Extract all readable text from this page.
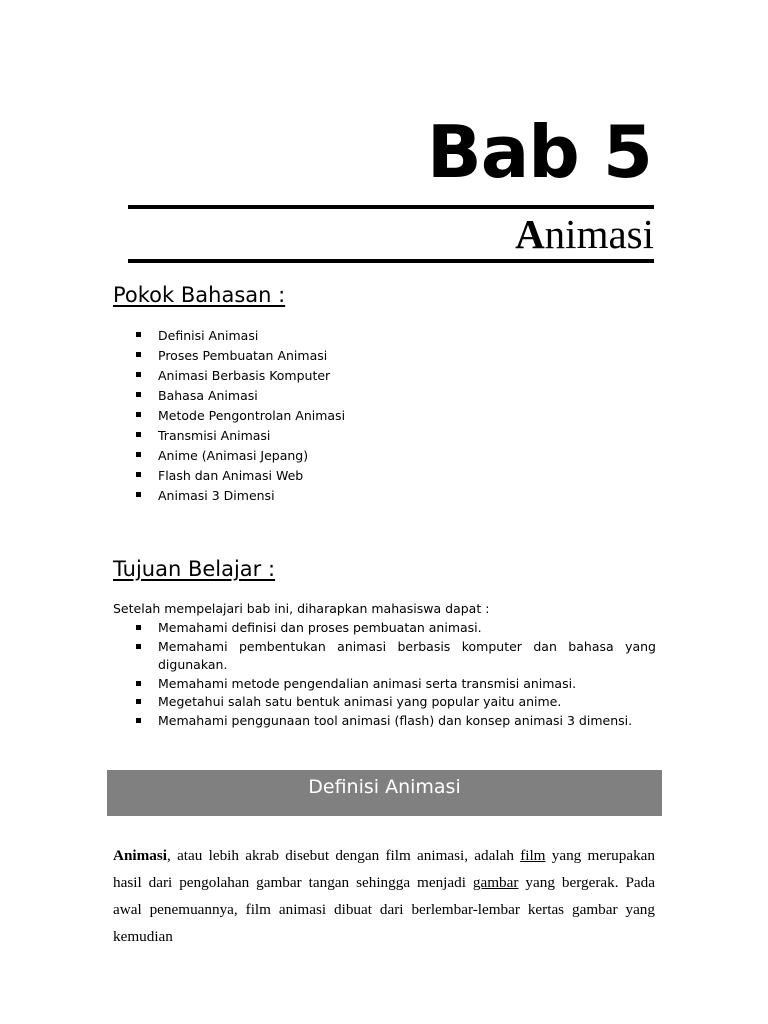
Bab 5
Animasi
Pokok Bahasan :
Definisi Animasi
Proses Pembuatan Animasi
Animasi Berbasis Komputer
Bahasa Animasi
Metode Pengontrolan Animasi
Transmisi Animasi
Anime (Animasi Jepang)
Flash dan Animasi Web
Animasi 3 Dimensi
Tujuan Belajar :

Setelah mempelajari bab ini, diharapkan mahasiswa dapat :

Memahami definisi dan proses pembuatan animasi.
Memahami pembentukan animasi berbasis komputer dan bahasa yang digunakan.
Memahami metode pengendalian animasi serta transmisi animasi.
Megetahui salah satu bentuk animasi yang popular yaitu anime.
Memahami penggunaan tool animasi (flash) dan konsep animasi 3 dimensi.
Definisi Animasi

Animasi, atau lebih akrab disebut dengan film animasi, adalah film yang merupakan hasil dari pengolahan gambar tangan sehingga menjadi gambar yang bergerak. Pada awal penemuannya, film animasi dibuat dari berlembar-lembar kertas gambar yang kemudian
